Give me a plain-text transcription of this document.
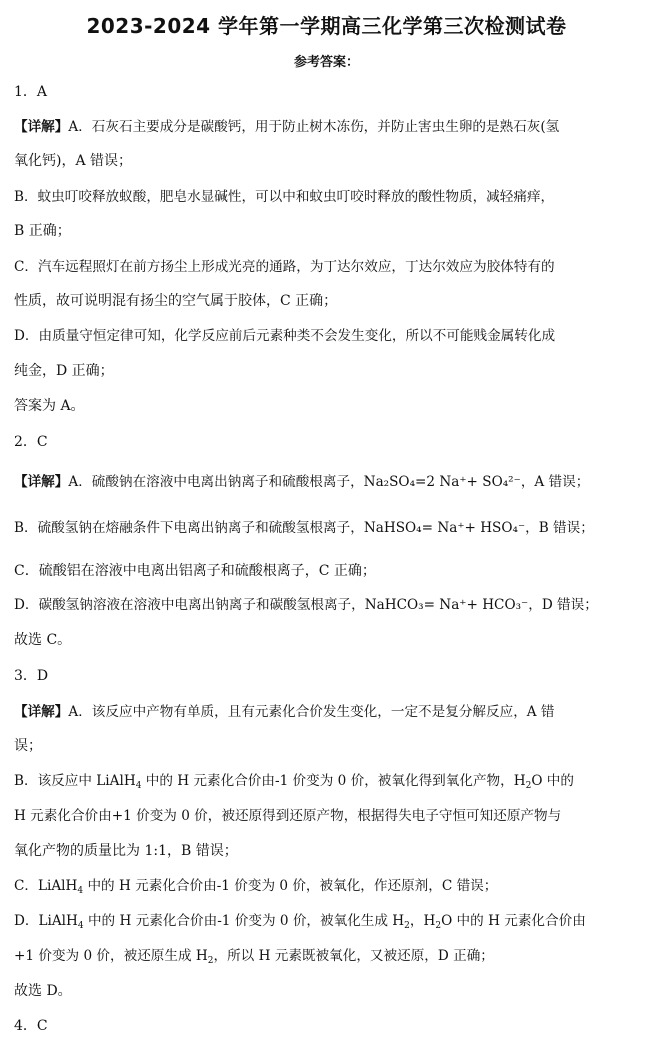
2023-2024 学年第一学期高三化学第三次检测试卷
参考答案：
1．A
【详解】A．石灰石主要成分是碳酸钙，用于防止树木冻伤，并防止害虫生卵的是熟石灰(氢
氧化钙)，A 错误；
B．蚊虫叮咬释放蚁酸，肥皂水显碱性，可以中和蚊虫叮咬时释放的酸性物质，减轻痛痒，
B 正确；
C．汽车远程照灯在前方扬尘上形成光亮的通路，为丁达尔效应，丁达尔效应为胶体特有的
性质，故可说明混有扬尘的空气属于胶体，C 正确；
D．由质量守恒定律可知，化学反应前后元素种类不会发生变化，所以不可能贱金属转化成
纯金，D 正确；
答案为 A。
2．C
【详解】A．硫酸钠在溶液中电离出钠离子和硫酸根离子，Na₂SO₄=2 Na⁺+ SO₄²⁻，A 错误；
B．硫酸氢钠在熔融条件下电离出钠离子和硫酸氢根离子，NaHSO₄= Na⁺+ HSO₄⁻，B 错误；
C．硫酸铝在溶液中电离出铝离子和硫酸根离子，C 正确；
D．碳酸氢钠溶液在溶液中电离出钠离子和碳酸氢根离子，NaHCO₃= Na⁺+ HCO₃⁻，D 错误；
故选 C。
3．D
【详解】A．该反应中产物有单质，且有元素化合价发生变化，一定不是复分解反应，A 错
误；
B．该反应中 LiAlH$_4$ 中的 H 元素化合价由-1 价变为 0 价，被氧化得到氧化产物，$H_2O$ 中的
H 元素化合价由+1 价变为 0 价，被还原得到还原产物，根据得失电子守恒可知还原产物与
氧化产物的质量比为 1:1，B 错误；
C．LiAlH$_4$ 中的 H 元素化合价由-1 价变为 0 价，被氧化，作还原剂，C 错误；
D．LiAlH$_4$ 中的 H 元素化合价由-1 价变为 0 价，被氧化生成 $H_2$，$H_2O$ 中的 H 元素化合价由
+1 价变为 0 价，被还原生成 $H_2$，所以 H 元素既被氧化，又被还原，D 正确；
故选 D。
4．C
